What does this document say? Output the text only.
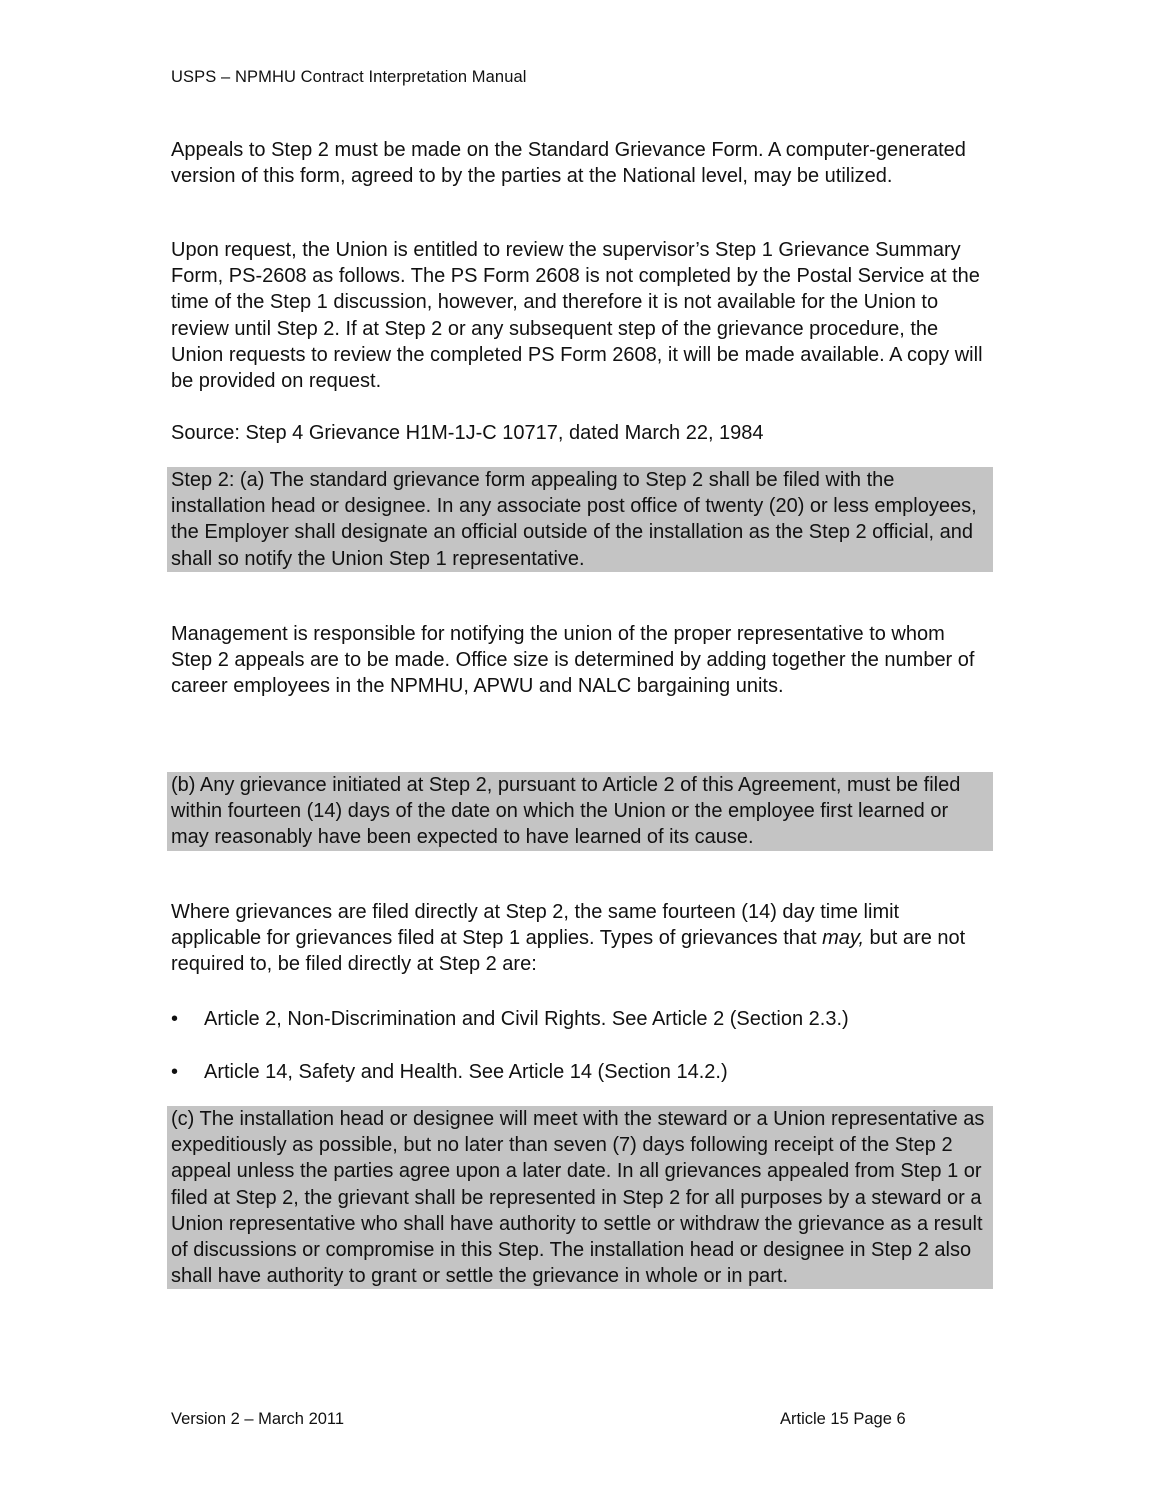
USPS – NPMHU Contract Interpretation Manual

Appeals to Step 2 must be made on the Standard Grievance Form. A computer-generated version of this form, agreed to by the parties at the National level, may be utilized.

Upon request, the Union is entitled to review the supervisor’s Step 1 Grievance Summary Form, PS-2608 as follows. The PS Form 2608 is not completed by the Postal Service at the time of the Step 1 discussion, however, and therefore it is not available for the Union to review until Step 2. If at Step 2 or any subsequent step of the grievance procedure, the Union requests to review the completed PS Form 2608, it will be made available. A copy will be provided on request.

Source: Step 4 Grievance H1M-1J-C 10717, dated March 22, 1984

Step 2: (a) The standard grievance form appealing to Step 2 shall be filed with the installation head or designee. In any associate post office of twenty (20) or less employees, the Employer shall designate an official outside of the installation as the Step 2 official, and shall so notify the Union Step 1 representative.

Management is responsible for notifying the union of the proper representative to whom Step 2 appeals are to be made. Office size is determined by adding together the number of career employees in the NPMHU, APWU and NALC bargaining units.

(b) Any grievance initiated at Step 2, pursuant to Article 2 of this Agreement, must be filed within fourteen (14) days of the date on which the Union or the employee first learned or may reasonably have been expected to have learned of its cause.

Where grievances are filed directly at Step 2, the same fourteen (14) day time limit applicable for grievances filed at Step 1 applies. Types of grievances that may, but are not required to, be filed directly at Step 2 are:

•	Article 2, Non-Discrimination and Civil Rights. See Article 2 (Section 2.3.)
•	Article 14, Safety and Health. See Article 14 (Section 14.2.)

(c) The installation head or designee will meet with the steward or a Union representative as expeditiously as possible, but no later than seven (7) days following receipt of the Step 2 appeal unless the parties agree upon a later date. In all grievances appealed from Step 1 or filed at Step 2, the grievant shall be represented in Step 2 for all purposes by a steward or a Union representative who shall have authority to settle or withdraw the grievance as a result of discussions or compromise in this Step. The installation head or designee in Step 2 also shall have authority to grant or settle the grievance in whole or in part.

Version 2 – March 2011	Article 15 Page 6
